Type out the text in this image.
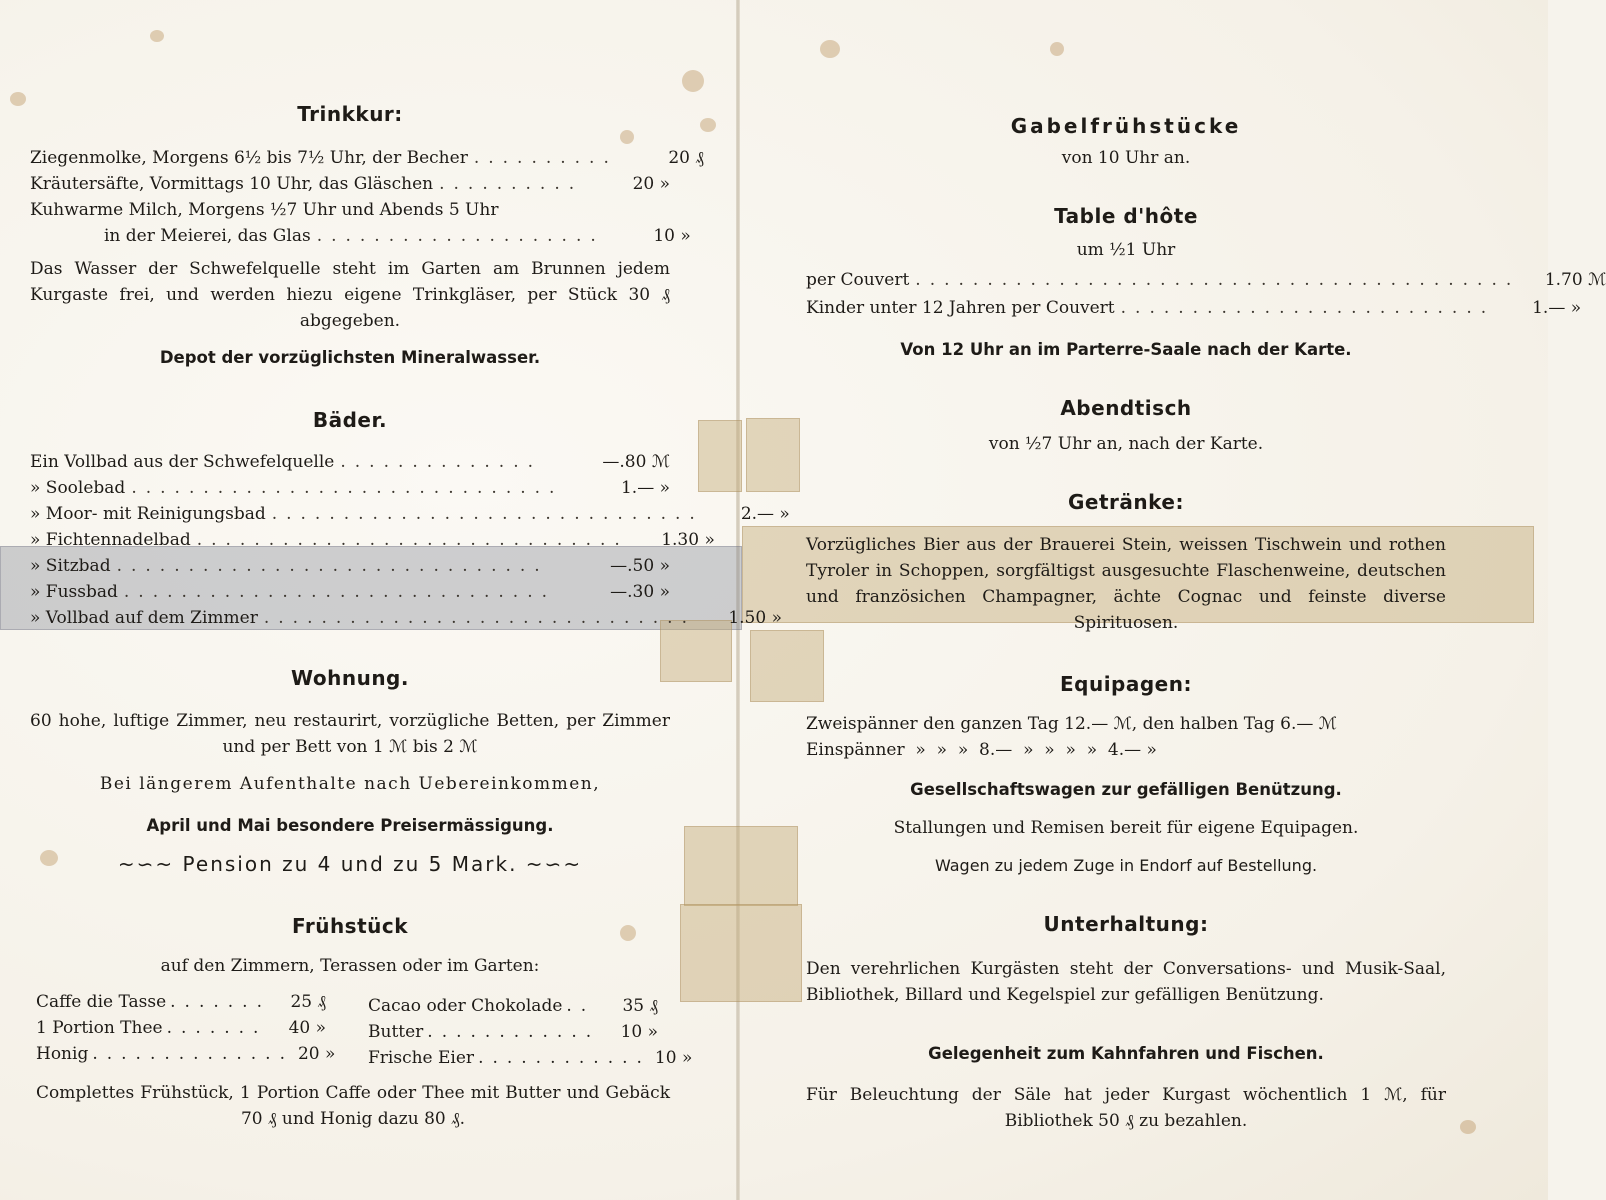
Trinkkur:
Ziegenmolke, Morgens 6½ bis 7½ Uhr, der Becher ..........	20 ₰
Kräutersäfte, Vormittags 10 Uhr, das Gläschen ..........	20 »
Kuhwarme Milch, Morgens ½7 Uhr und Abends 5 Uhr
in der Meierei, das Glas ....................	10 »
Das Wasser der Schwefelquelle steht im Garten am Brunnen jedem Kurgaste frei, und werden hiezu eigene Trinkgläser, per Stück 30 ₰ abgegeben.
Depot der vorzüglichsten Mineralwasser.
Bäder.
Ein Vollbad aus der Schwefelquelle ..............	—.80 ℳ
» Soolebad ..............................	1.— »
» Moor- mit Reinigungsbad ..............................	2.— »
» Fichtennadelbad ..............................	1.30 »
» Sitzbad ..............................	—.50 »
» Fussbad ..............................	—.30 »
» Vollbad auf dem Zimmer ..............................	1.50 »
Wohnung.
60 hohe, luftige Zimmer, neu restaurirt, vorzügliche Betten, per Zimmer und per Bett von 1 ℳ bis 2 ℳ
Bei längerem Aufenthalte nach Uebereinkommen,
April und Mai besondere Preisermässigung.
~∽~ Pension zu 4 und zu 5 Mark. ~∽~
Frühstück
auf den Zimmern, Terassen oder im Garten:
Caffe die Tasse .......	25 ₰
1 Portion Thee .......	40 »
Honig .............. 20 »
Cacao oder Chokolade ..	35 ₰
Butter ............	10 »
Frische Eier ............ 10 »
Complettes Frühstück, 1 Portion Caffe oder Thee mit Butter und Gebäck 70 ₰ und Honig dazu 80 ₰.
Gabelfrühstücke
von 10 Uhr an.
Table d'hôte
um ½1 Uhr
per Couvert ..........................................	1.70 ℳ
Kinder unter 12 Jahren per Couvert ..........................	1.— »
Von 12 Uhr an im Parterre-Saale nach der Karte.
Abendtisch
von ½7 Uhr an, nach der Karte.
Getränke:
Vorzügliches Bier aus der Brauerei Stein, weissen Tischwein und rothen Tyroler in Schoppen, sorgfältigst ausgesuchte Flaschenweine, deutschen und französichen Champagner, ächte Cognac und feinste diverse Spirituosen.
Equipagen:
Zweispänner den ganzen Tag 12.— ℳ, den halben Tag 6.— ℳ
Einspänner  »  »  »  8.—  »  »  »  »  4.— »
Gesellschaftswagen zur gefälligen Benützung.
Stallungen und Remisen bereit für eigene Equipagen.
Wagen zu jedem Zuge in Endorf auf Bestellung.
Unterhaltung:
Den verehrlichen Kurgästen steht der Conversations- und Musik-Saal, Bibliothek, Billard und Kegelspiel zur gefälligen Benützung.
Gelegenheit zum Kahnfahren und Fischen.
Für Beleuchtung der Säle hat jeder Kurgast wöchentlich 1 ℳ, für Bibliothek 50 ₰ zu bezahlen.
